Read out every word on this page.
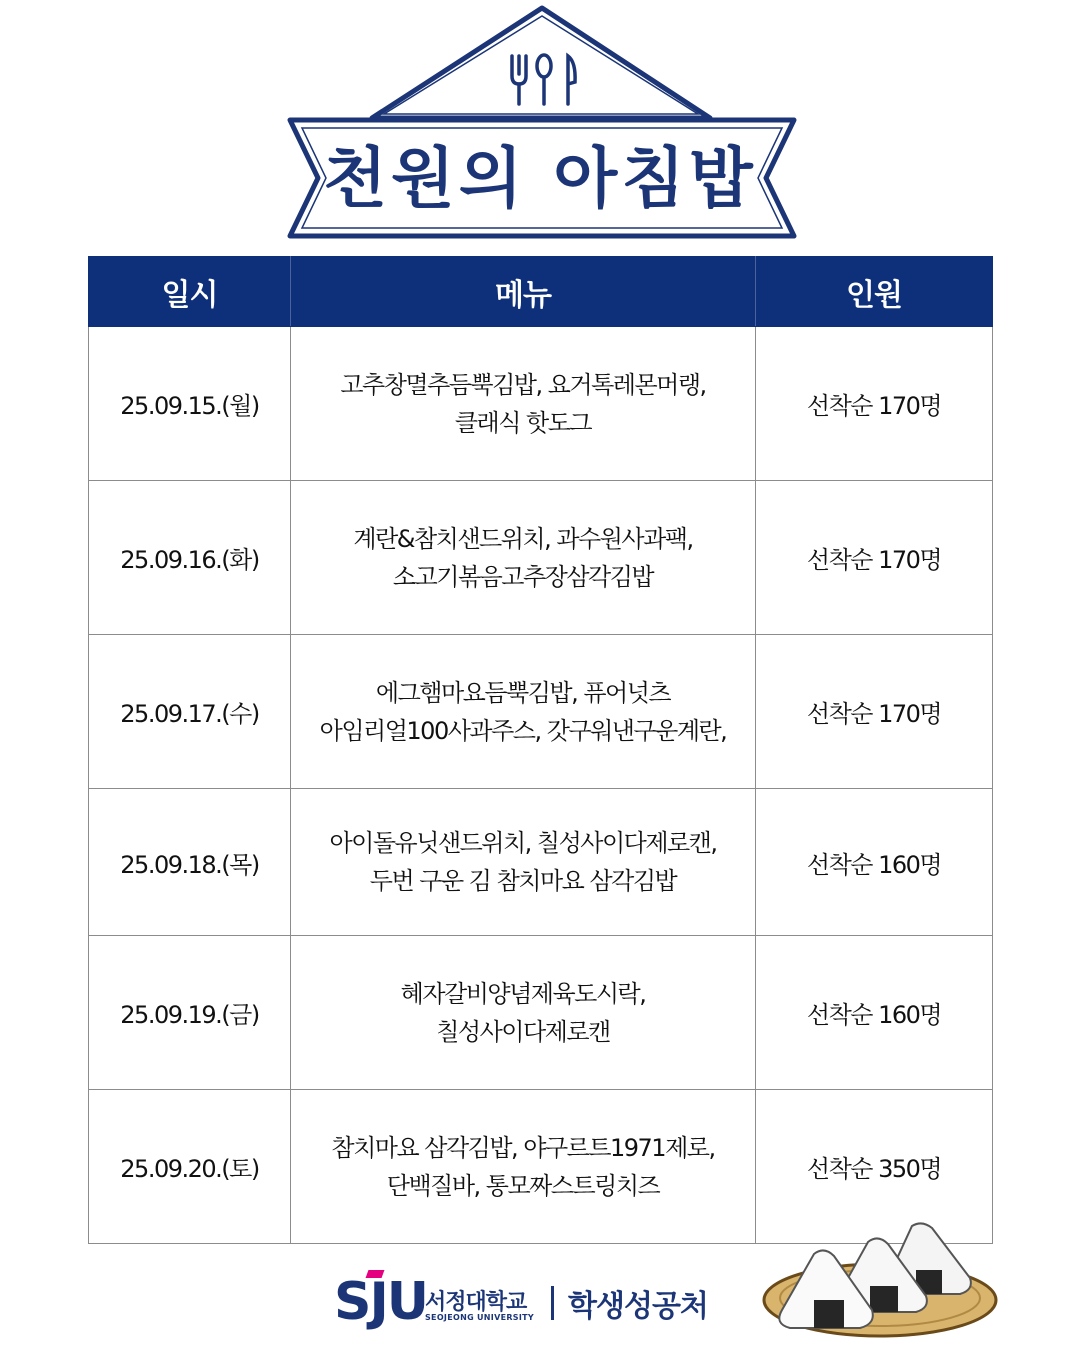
천원의 아침밥
일시	메뉴	인원
25.09.15.(월)	고추창멸추듬뿍김밥, 요거톡레몬머랭,
클래식 핫도그	선착순 170명
25.09.16.(화)	계란&참치샌드위치, 과수원사과팩,
소고기볶음고추장삼각김밥	선착순 170명
25.09.17.(수)	에그햄마요듬뿍김밥, 퓨어넛츠
아임리얼100사과주스, 갓구워낸구운계란,	선착순 170명
25.09.18.(목)	아이돌유닛샌드위치, 칠성사이다제로캔,
두번 구운 김 참치마요 삼각김밥	선착순 160명
25.09.19.(금)	혜자갈비양념제육도시락,
칠성사이다제로캔	선착순 160명
25.09.20.(토)	참치마요 삼각김밥, 야구르트1971제로,
단백질바, 통모짜스트링치즈	선착순 350명
SJU
서정대학교
SEOJEONG UNIVERSITY 학생성공처
